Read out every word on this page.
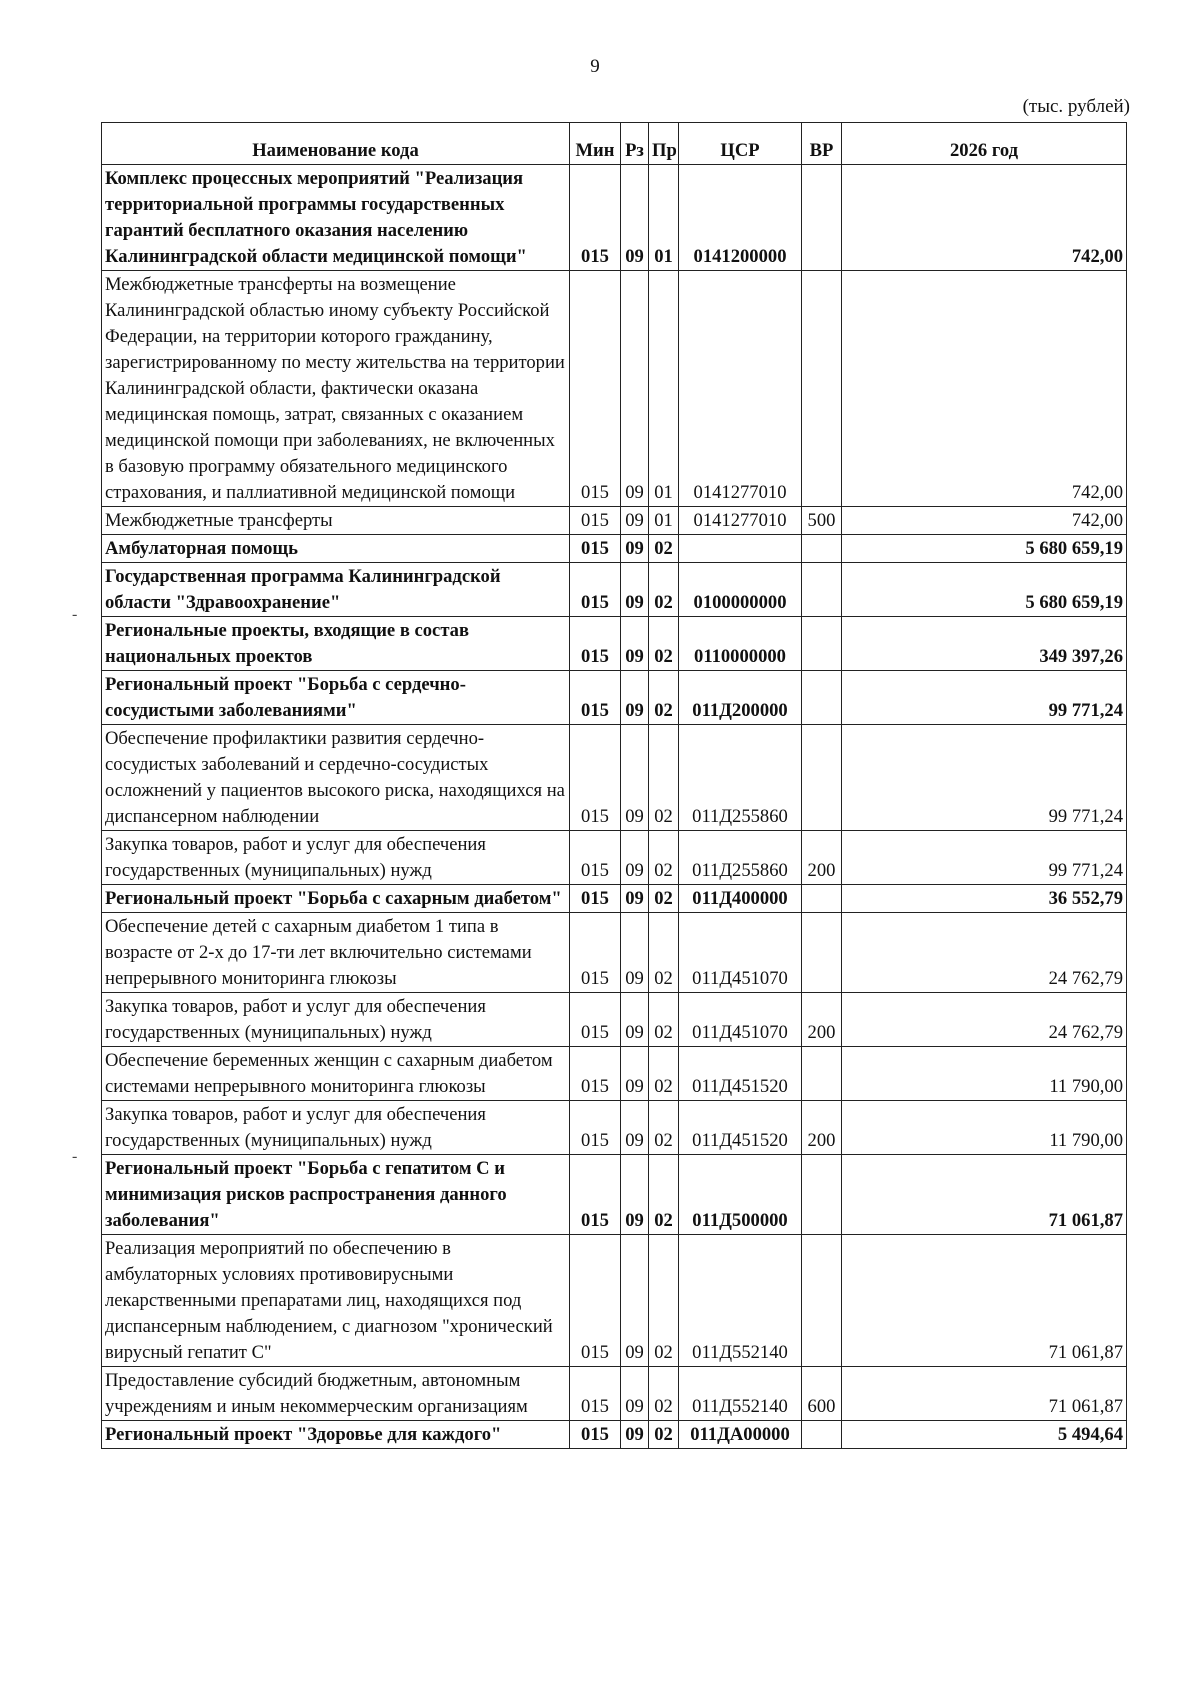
9
(тыс. рублей)
Наименование кода	Мин	Рз	Пр	ЦСР	ВР	2026 год
Комплекс процессных мероприятий "Реализация территориальной программы государственных гарантий бесплатного оказания населению Калининградской области медицинской помощи"	015	09	01	0141200000		742,00
Межбюджетные трансферты на возмещение Калининградской областью иному субъекту Российской Федерации, на территории которого гражданину, зарегистрированному по месту жительства на территории Калининградской области, фактически оказана медицинская помощь, затрат, связанных с оказанием медицинской помощи при заболеваниях, не включенных в базовую программу обязательного медицинского страхования, и паллиативной медицинской помощи	015	09	01	0141277010		742,00
Межбюджетные трансферты	015	09	01	0141277010	500	742,00
Амбулаторная помощь	015	09	02			5 680 659,19
Государственная программа Калининградской области "Здравоохранение"	015	09	02	0100000000		5 680 659,19
Региональные проекты, входящие в состав национальных проектов	015	09	02	0110000000		349 397,26
Региональный проект "Борьба с сердечно-сосудистыми заболеваниями"	015	09	02	011Д200000		99 771,24
Обеспечение профилактики развития сердечно-сосудистых заболеваний и сердечно-сосудистых осложнений у пациентов высокого риска, находящихся на диспансерном наблюдении	015	09	02	011Д255860		99 771,24
Закупка товаров, работ и услуг для обеспечения государственных (муниципальных) нужд	015	09	02	011Д255860	200	99 771,24
Региональный проект "Борьба с сахарным диабетом"	015	09	02	011Д400000		36 552,79
Обеспечение детей с сахарным диабетом 1 типа в возрасте от 2-х до 17-ти лет включительно системами непрерывного мониторинга глюкозы	015	09	02	011Д451070		24 762,79
Закупка товаров, работ и услуг для обеспечения государственных (муниципальных) нужд	015	09	02	011Д451070	200	24 762,79
Обеспечение беременных женщин с сахарным диабетом системами непрерывного мониторинга глюкозы	015	09	02	011Д451520		11 790,00
Закупка товаров, работ и услуг для обеспечения государственных (муниципальных) нужд	015	09	02	011Д451520	200	11 790,00
Региональный проект "Борьба с гепатитом С и минимизация рисков распространения данного заболевания"	015	09	02	011Д500000		71 061,87
Реализация мероприятий по обеспечению в амбулаторных условиях противовирусными лекарственными препаратами лиц, находящихся под диспансерным наблюдением, с диагнозом "хронический вирусный гепатит С"	015	09	02	011Д552140		71 061,87
Предоставление субсидий бюджетным, автономным учреждениям и иным некоммерческим организациям	015	09	02	011Д552140	600	71 061,87
Региональный проект "Здоровье для каждого"	015	09	02	011ДА00000		5 494,64
-
-
